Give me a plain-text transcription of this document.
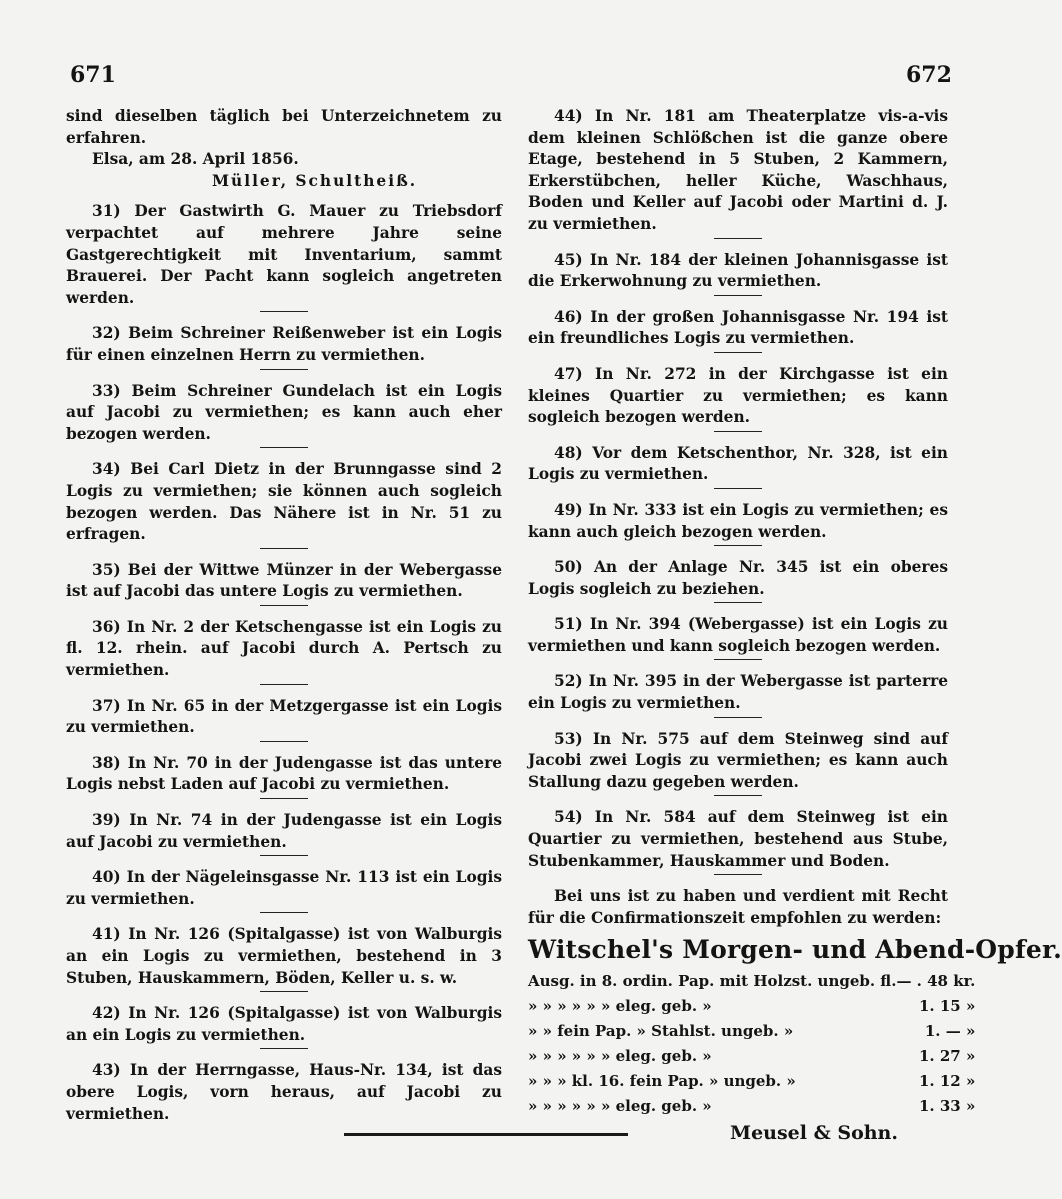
671	672

sind dieselben täglich bei Unterzeichnetem zu erfahren.

Elsa, am 28. April 1856.

Müller, Schultheiß.

31) Der Gastwirth G. Mauer zu Triebsdorf verpachtet auf mehrere Jahre seine Gastgerechtigkeit mit Inventarium, sammt Brauerei. Der Pacht kann sogleich angetreten werden.

32) Beim Schreiner Reißenweber ist ein Logis für einen einzelnen Herrn zu vermiethen.

33) Beim Schreiner Gundelach ist ein Logis auf Jacobi zu vermiethen; es kann auch eher bezogen werden.

34) Bei Carl Dietz in der Brunngasse sind 2 Logis zu vermiethen; sie können auch sogleich bezogen werden. Das Nähere ist in Nr. 51 zu erfragen.

35) Bei der Wittwe Münzer in der Webergasse ist auf Jacobi das untere Logis zu vermiethen.

36) In Nr. 2 der Ketschengasse ist ein Logis zu fl. 12. rhein. auf Jacobi durch A. Pertsch zu vermiethen.

37) In Nr. 65 in der Metzgergasse ist ein Logis zu vermiethen.

38) In Nr. 70 in der Judengasse ist das untere Logis nebst Laden auf Jacobi zu vermiethen.

39) In Nr. 74 in der Judengasse ist ein Logis auf Jacobi zu vermiethen.

40) In der Nägeleinsgasse Nr. 113 ist ein Logis zu vermiethen.

41) In Nr. 126 (Spitalgasse) ist von Walburgis an ein Logis zu vermiethen, bestehend in 3 Stuben, Hauskammern, Böden, Keller u. s. w.

42) In Nr. 126 (Spitalgasse) ist von Walburgis an ein Logis zu vermiethen.

43) In der Herrngasse, Haus-Nr. 134, ist das obere Logis, vorn heraus, auf Jacobi zu vermiethen.

44) In Nr. 181 am Theaterplatze vis-a-vis dem kleinen Schlößchen ist die ganze obere Etage, bestehend in 5 Stuben, 2 Kammern, Erkerstübchen, heller Küche, Waschhaus, Boden und Keller auf Jacobi oder Martini d. J. zu vermiethen.

45) In Nr. 184 der kleinen Johannisgasse ist die Erkerwohnung zu vermiethen.

46) In der großen Johannisgasse Nr. 194 ist ein freundliches Logis zu vermiethen.

47) In Nr. 272 in der Kirchgasse ist ein kleines Quartier zu vermiethen; es kann sogleich bezogen werden.

48) Vor dem Ketschenthor, Nr. 328, ist ein Logis zu vermiethen.

49) In Nr. 333 ist ein Logis zu vermiethen; es kann auch gleich bezogen werden.

50) An der Anlage Nr. 345 ist ein oberes Logis sogleich zu beziehen.

51) In Nr. 394 (Webergasse) ist ein Logis zu vermiethen und kann sogleich bezogen werden.

52) In Nr. 395 in der Webergasse ist parterre ein Logis zu vermiethen.

53) In Nr. 575 auf dem Steinweg sind auf Jacobi zwei Logis zu vermiethen; es kann auch Stallung dazu gegeben werden.

54) In Nr. 584 auf dem Steinweg ist ein Quartier zu vermiethen, bestehend aus Stube, Stubenkammer, Hauskammer und Boden.

Bei uns ist zu haben und verdient mit Recht für die Confirmationszeit empfohlen zu werden:

Witschel's Morgen- und Abend-Opfer.
Ausg. in 8. ordin. Pap. mit Holzst. ungeb. fl.	— . 48 kr.
» » » » » » eleg. geb. »	1. 15 »
» » fein Pap. » Stahlst. ungeb. »	1. — »
» » » » » » eleg. geb. »	1. 27 »
» » » kl. 16. fein Pap. » ungeb. »	1. 12 »
» » » » » » eleg. geb. »	1. 33 »
Meusel & Sohn.
